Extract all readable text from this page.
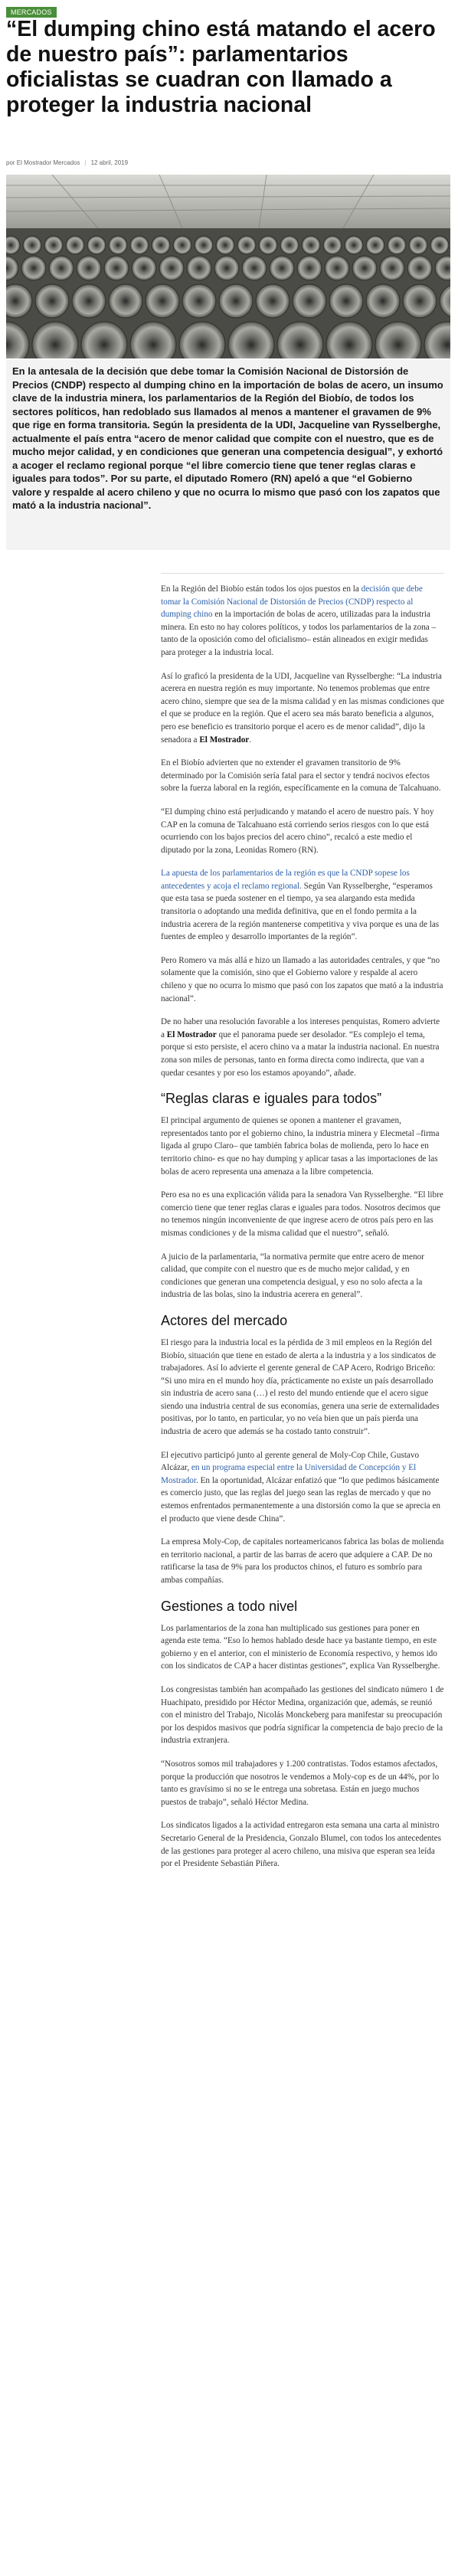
MERCADOS
“El dumping chino está matando el acero de nuestro país”: parlamentarios oficialistas se cuadran con llamado a proteger la industria nacional
por El Mostrador Mercados | 12 abril, 2019

En la antesala de la decisión que debe tomar la Comisión Nacional de Distorsión de Precios (CNDP) respecto al dumping chino en la importación de bolas de acero, un insumo clave de la industria minera, los parlamentarios de la Región del Biobío, de todos los sectores políticos, han redoblado sus llamados al menos a mantener el gravamen de 9% que rige en forma transitoria. Según la presidenta de la UDI, Jacqueline van Rysselberghe, actualmente el país entra “acero de menor calidad que compite con el nuestro, que es de mucho mejor calidad, y en condiciones que generan una competencia desigual”, y exhortó a acoger el reclamo regional porque “el libre comercio tiene que tener reglas claras e iguales para todos”. Por su parte, el diputado Romero (RN) apeló a que “el Gobierno valore y respalde al acero chileno y que no ocurra lo mismo que pasó con los zapatos que mató a la industria nacional”.

En la Región del Biobío están todos los ojos puestos en la decisión que debe tomar la Comisión Nacional de Distorsión de Precios (CNDP) respecto al dumping chino en la importación de bolas de acero, utilizadas para la industria minera. En esto no hay colores políticos, y todos los parlamentarios de la zona –tanto de la oposición como del oficialismo– están alineados en exigir medidas para proteger a la industria local.

Así lo graficó la presidenta de la UDI, Jacqueline van Rysselberghe: “La industria acerera en nuestra región es muy importante. No tenemos problemas que entre acero chino, siempre que sea de la misma calidad y en las mismas condiciones que el que se produce en la región. Que el acero sea más barato beneficia a algunos, pero ese beneficio es transitorio porque el acero es de menor calidad”, dijo la senadora a El Mostrador.

En el Biobío advierten que no extender el gravamen transitorio de 9% determinado por la Comisión sería fatal para el sector y tendrá nocivos efectos sobre la fuerza laboral en la región, específicamente en la comuna de Talcahuano.

“El dumping chino está perjudicando y matando el acero de nuestro país. Y hoy CAP en la comuna de Talcahuano está corriendo serios riesgos con lo que está ocurriendo con los bajos precios del acero chino”, recalcó a este medio el diputado por la zona, Leonidas Romero (RN).

La apuesta de los parlamentarios de la región es que la CNDP sopese los antecedentes y acoja el reclamo regional. Según Van Rysselberghe, “esperamos que esta tasa se pueda sostener en el tiempo, ya sea alargando esta medida transitoria o adoptando una medida definitiva, que en el fondo permita a la industria acerera de la región mantenerse competitiva y viva porque es una de las fuentes de empleo y desarrollo importantes de la región”.

Pero Romero va más allá e hizo un llamado a las autoridades centrales, y que “no solamente que la comisión, sino que el Gobierno valore y respalde al acero chileno y que no ocurra lo mismo que pasó con los zapatos que mató a la industria nacional”.

De no haber una resolución favorable a los intereses penquistas, Romero advierte a El Mostrador que el panorama puede ser desolador. “Es complejo el tema, porque si esto persiste, el acero chino va a matar la industria nacional. En nuestra zona son miles de personas, tanto en forma directa como indirecta, que van a quedar cesantes y por eso los estamos apoyando”, añade.

“Reglas claras e iguales para todos”

El principal argumento de quienes se oponen a mantener el gravamen, representados tanto por el gobierno chino, la industria minera y Elecmetal –firma ligada al grupo Claro– que también fabrica bolas de molienda, pero lo hace en territorio chino- es que no hay dumping y aplicar tasas a las importaciones de las bolas de acero representa una amenaza a la libre competencia.

Pero esa no es una explicación válida para la senadora Van Rysselberghe. “El libre comercio tiene que tener reglas claras e iguales para todos. Nosotros decimos que no tenemos ningún inconveniente de que ingrese acero de otros país pero en las mismas condiciones y de la misma calidad que el nuestro”, señaló.

A juicio de la parlamentaria, “la normativa permite que entre acero de menor calidad, que compite con el nuestro que es de mucho mejor calidad, y en condiciones que generan una competencia desigual, y eso no solo afecta a la industria de las bolas, sino la industria acerera en general”.

Actores del mercado

El riesgo para la industria local es la pérdida de 3 mil empleos en la Región del Biobío, situación que tiene en estado de alerta a la industria y a los sindicatos de trabajadores. Así lo advierte el gerente general de CAP Acero, Rodrigo Briceño: “Si uno mira en el mundo hoy día, prácticamente no existe un país desarrollado sin industria de acero sana (…) el resto del mundo entiende que el acero sigue siendo una industria central de sus economías, genera una serie de externalidades positivas, por lo tanto, en particular, yo no veía bien que un país pierda una industria de acero que además se ha costado tanto construir”.

El ejecutivo participó junto al gerente general de Moly-Cop Chile, Gustavo Alcázar, en un programa especial entre la Universidad de Concepción y El Mostrador. En la oportunidad, Alcázar enfatizó que “lo que pedimos básicamente es comercio justo, que las reglas del juego sean las reglas de mercado y que no estemos enfrentados permanentemente a una distorsión como la que se aprecia en el producto que viene desde China”.

La empresa Moly-Cop, de capitales norteamericanos fabrica las bolas de molienda en territorio nacional, a partir de las barras de acero que adquiere a CAP. De no ratificarse la tasa de 9% para los productos chinos, el futuro es sombrío para ambas compañías.

Gestiones a todo nivel

Los parlamentarios de la zona han multiplicado sus gestiones para poner en agenda este tema. “Eso lo hemos hablado desde hace ya bastante tiempo, en este gobierno y en el anterior, con el ministerio de Economía respectivo, y hemos ido con los sindicatos de CAP a hacer distintas gestiones”, explica Van Rysselberghe.

Los congresistas también han acompañado las gestiones del sindicato número 1 de Huachipato, presidido por Héctor Medina, organización que, además, se reunió con el ministro del Trabajo, Nicolás Monckeberg para manifestar su preocupación por los despidos masivos que podría significar la competencia de bajo precio de la industria extranjera.

“Nosotros somos mil trabajadores y 1.200 contratistas. Todos estamos afectados, porque la producción que nosotros le vendemos a Moly-cop es de un 44%, por lo tanto es gravísimo si no se le entrega una sobretasa. Están en juego muchos puestos de trabajo”, señaló Héctor Medina.

Los sindicatos ligados a la actividad entregaron esta semana una carta al ministro Secretario General de la Presidencia, Gonzalo Blumel, con todos los antecedentes de las gestiones para proteger al acero chileno, una misiva que esperan sea leída por el Presidente Sebastián Piñera.
